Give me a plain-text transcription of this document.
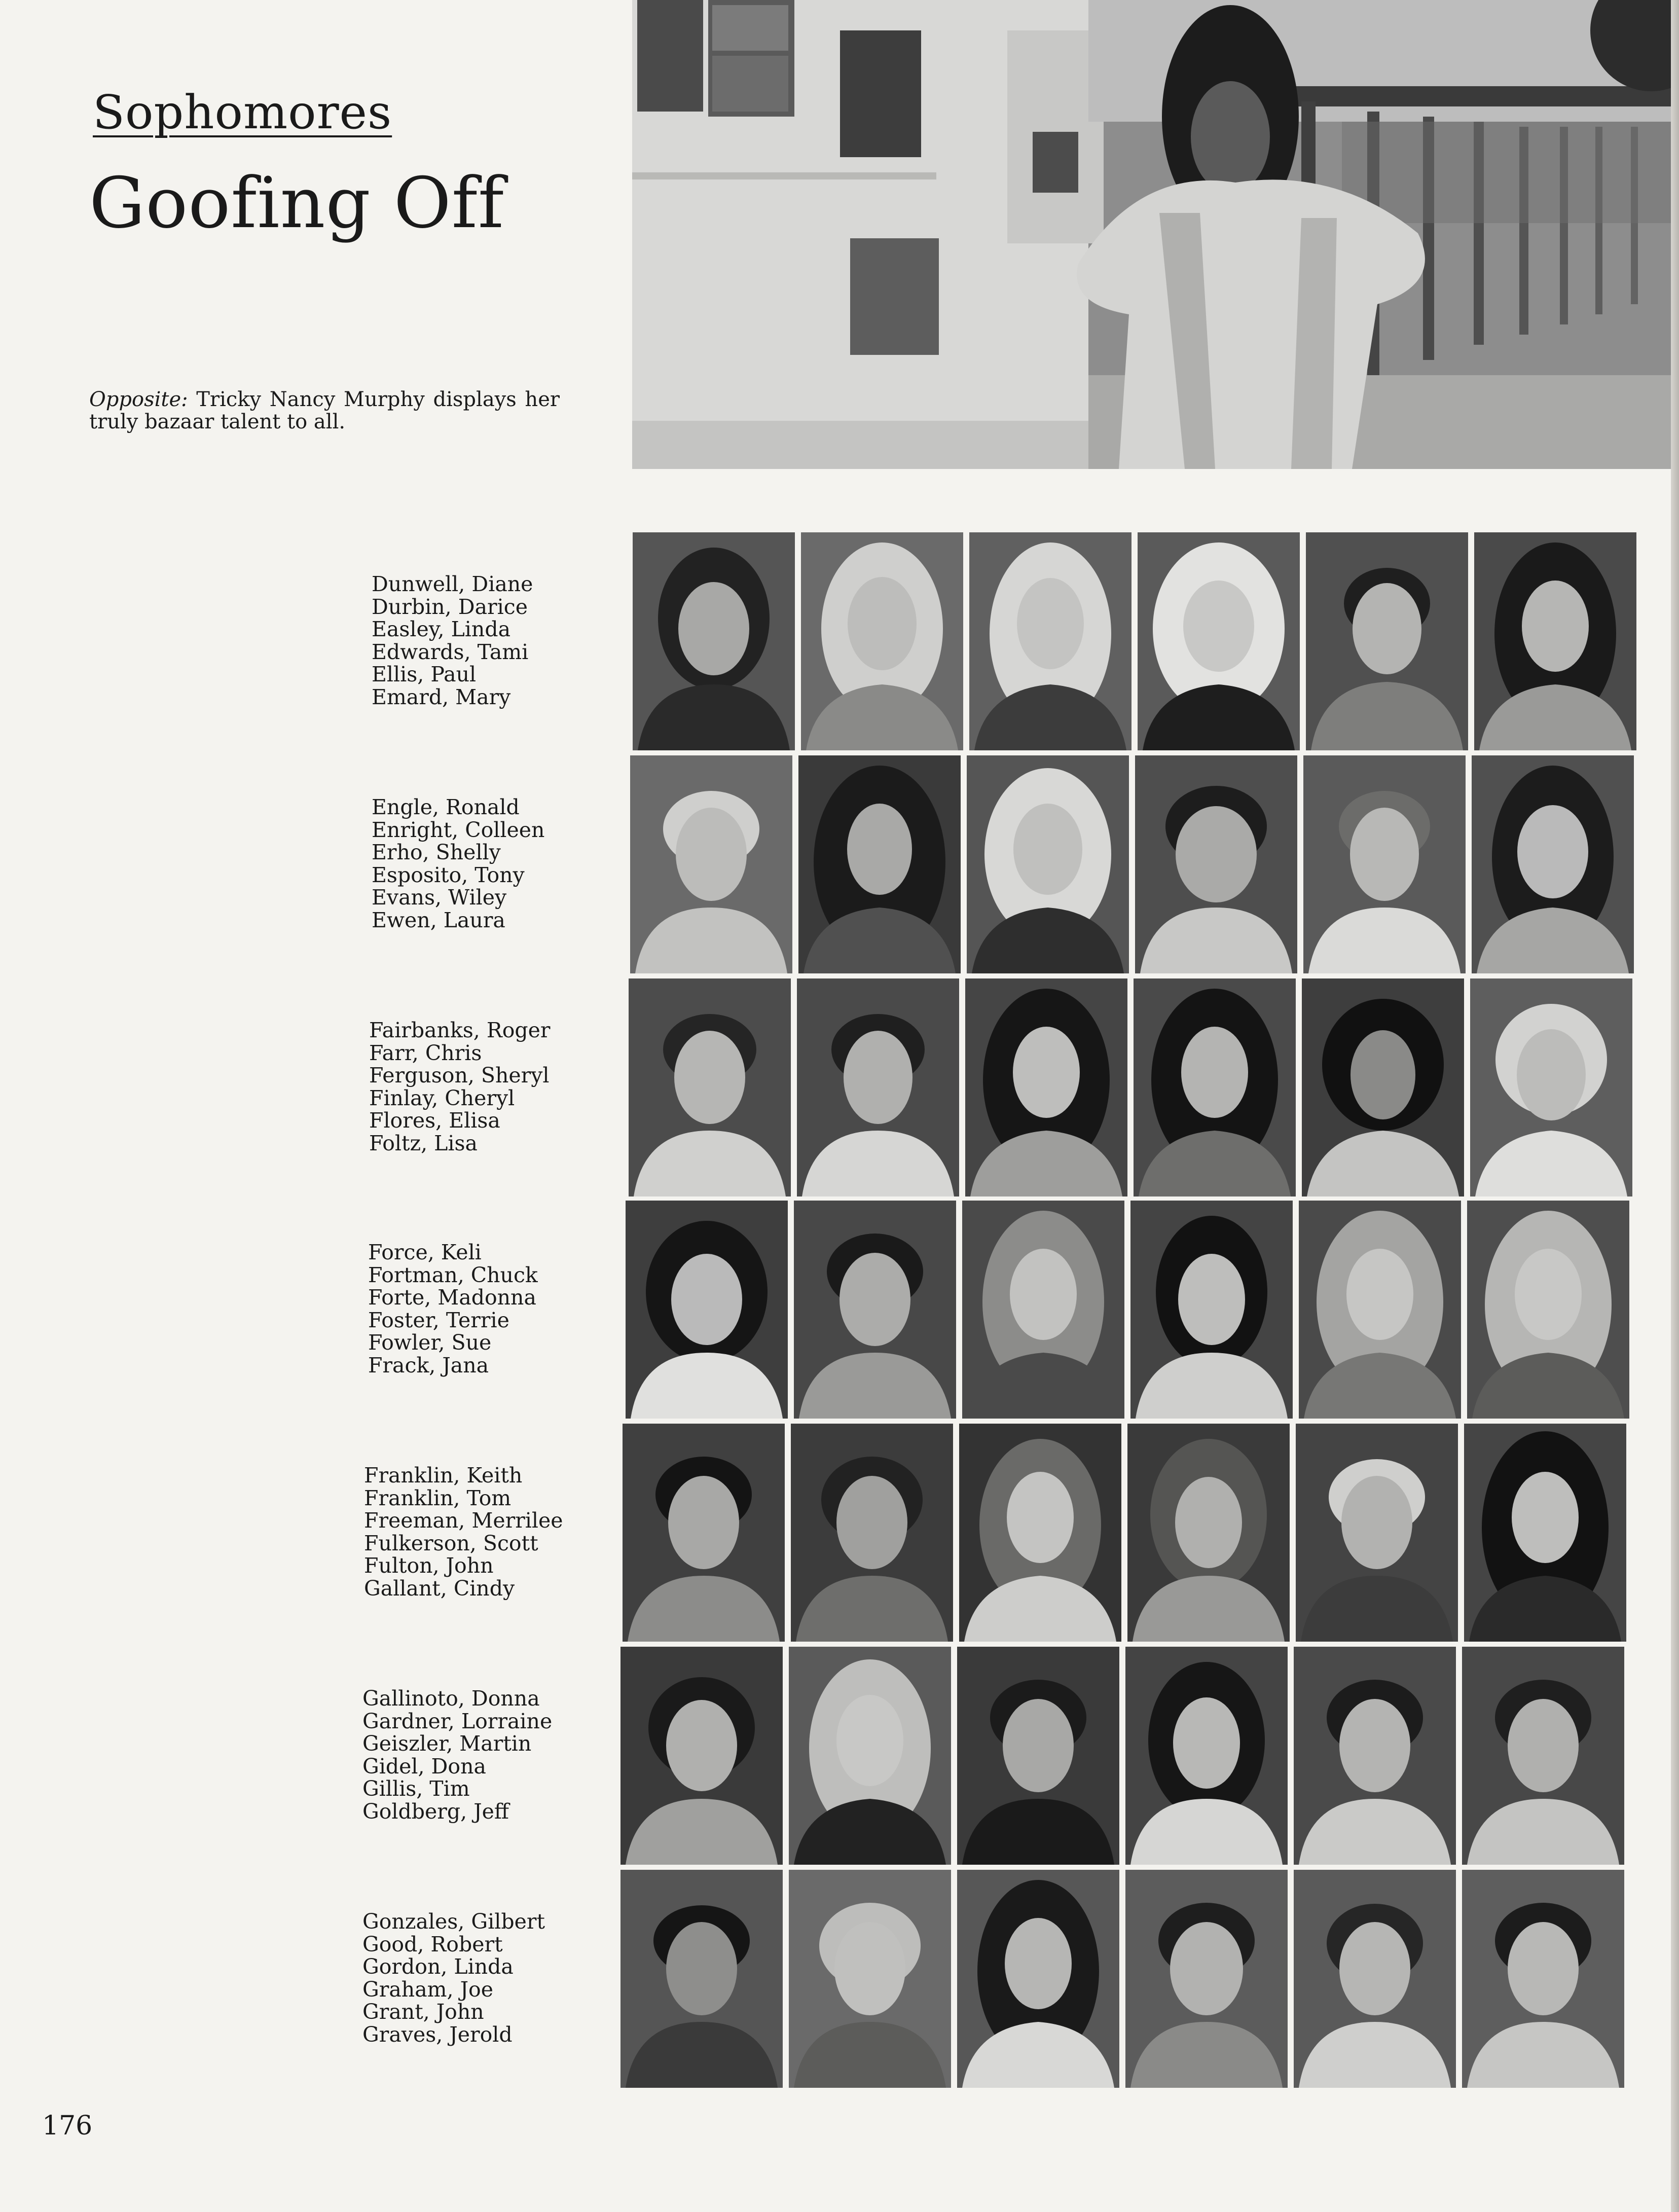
Sophomores
Goofing Off
Opposite: Tricky Nancy Murphy displays her truly bazaar talent to all.
Dunwell, Diane
Durbin, Darice
Easley, Linda
Edwards, Tami
Ellis, Paul
Emard, Mary
Engle, Ronald
Enright, Colleen
Erho, Shelly
Esposito, Tony
Evans, Wiley
Ewen, Laura
Fairbanks, Roger
Farr, Chris
Ferguson, Sheryl
Finlay, Cheryl
Flores, Elisa
Foltz, Lisa
Force, Keli
Fortman, Chuck
Forte, Madonna
Foster, Terrie
Fowler, Sue
Frack, Jana
Franklin, Keith
Franklin, Tom
Freeman, Merrilee
Fulkerson, Scott
Fulton, John
Gallant, Cindy
Gallinoto, Donna
Gardner, Lorraine
Geiszler, Martin
Gidel, Dona
Gillis, Tim
Goldberg, Jeff
Gonzales, Gilbert
Good, Robert
Gordon, Linda
Graham, Joe
Grant, John
Graves, Jerold
176
